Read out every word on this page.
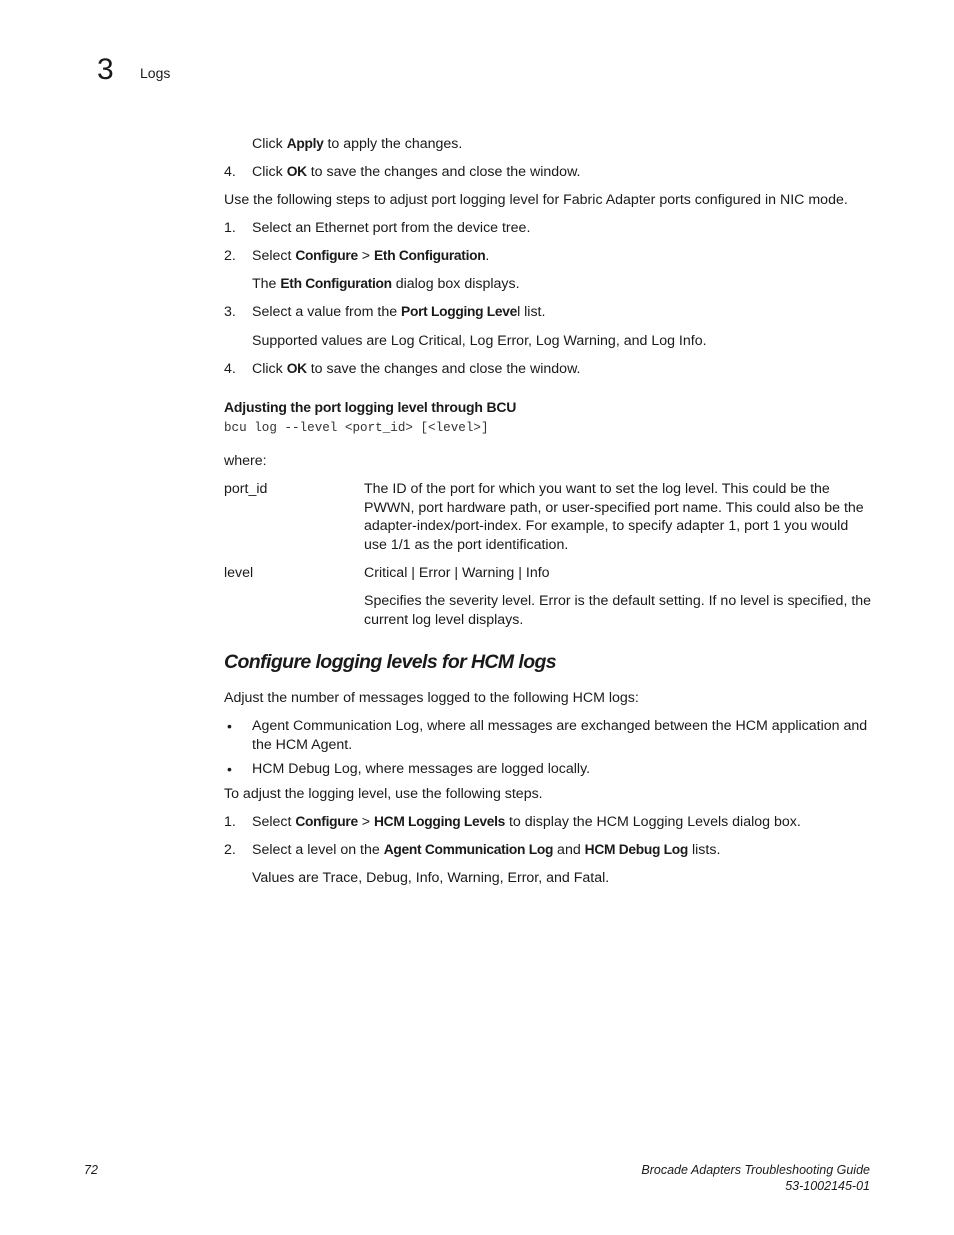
3 Logs
Click Apply to apply the changes.
4. Click OK to save the changes and close the window.
Use the following steps to adjust port logging level for Fabric Adapter ports configured in NIC mode.
1. Select an Ethernet port from the device tree.
2. Select Configure > Eth Configuration.
The Eth Configuration dialog box displays.
3. Select a value from the Port Logging Level list.
Supported values are Log Critical, Log Error, Log Warning, and Log Info.
4. Click OK to save the changes and close the window.
Adjusting the port logging level through BCU
bcu log --level <port_id> [<level>]
where:
port_id	The ID of the port for which you want to set the log level. This could be the PWWN, port hardware path, or user-specified port name. This could also be the adapter-index/port-index. For example, to specify adapter 1, port 1 you would use 1/1 as the port identification.
level	Critical | Error | Warning | Info
Specifies the severity level. Error is the default setting. If no level is specified, the current log level displays.
Configure logging levels for HCM logs
Adjust the number of messages logged to the following HCM logs:
• Agent Communication Log, where all messages are exchanged between the HCM application and the HCM Agent.
• HCM Debug Log, where messages are logged locally.
To adjust the logging level, use the following steps.
1. Select Configure > HCM Logging Levels to display the HCM Logging Levels dialog box.
2. Select a level on the Agent Communication Log and HCM Debug Log lists.
Values are Trace, Debug, Info, Warning, Error, and Fatal.
72	Brocade Adapters Troubleshooting Guide
53-1002145-01
